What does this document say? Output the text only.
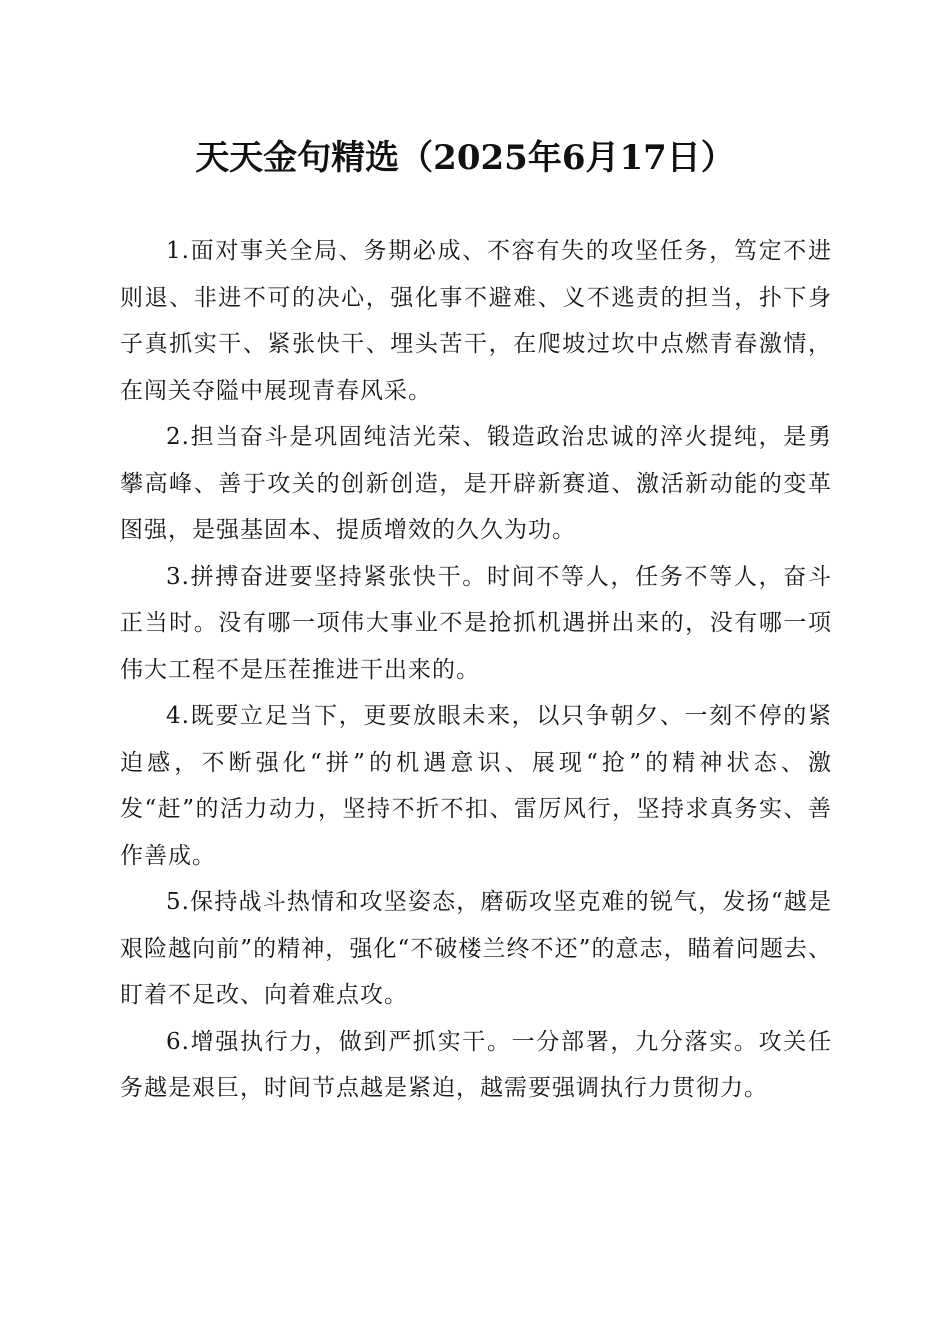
天天金句精选（2025年6月17日）

1.面对事关全局、务期必成、不容有失的攻坚任务，笃定不进则退、非进不可的决心，强化事不避难、义不逃责的担当，扑下身子真抓实干、紧张快干、埋头苦干，在爬坡过坎中点燃青春激情，在闯关夺隘中展现青春风采。

2.担当奋斗是巩固纯洁光荣、锻造政治忠诚的淬火提纯，是勇攀高峰、善于攻关的创新创造，是开辟新赛道、激活新动能的变革图强，是强基固本、提质增效的久久为功。

3.拼搏奋进要坚持紧张快干。时间不等人，任务不等人，奋斗正当时。没有哪一项伟大事业不是抢抓机遇拼出来的，没有哪一项伟大工程不是压茬推进干出来的。

4.既要立足当下，更要放眼未来，以只争朝夕、一刻不停的紧迫感，不断强化“拼”的机遇意识、展现“抢”的精神状态、激发“赶”的活力动力，坚持不折不扣、雷厉风行，坚持求真务实、善作善成。

5.保持战斗热情和攻坚姿态，磨砺攻坚克难的锐气，发扬“越是艰险越向前”的精神，强化“不破楼兰终不还”的意志，瞄着问题去、盯着不足改、向着难点攻。

6.增强执行力，做到严抓实干。一分部署，九分落实。攻关任务越是艰巨，时间节点越是紧迫，越需要强调执行力贯彻力。
